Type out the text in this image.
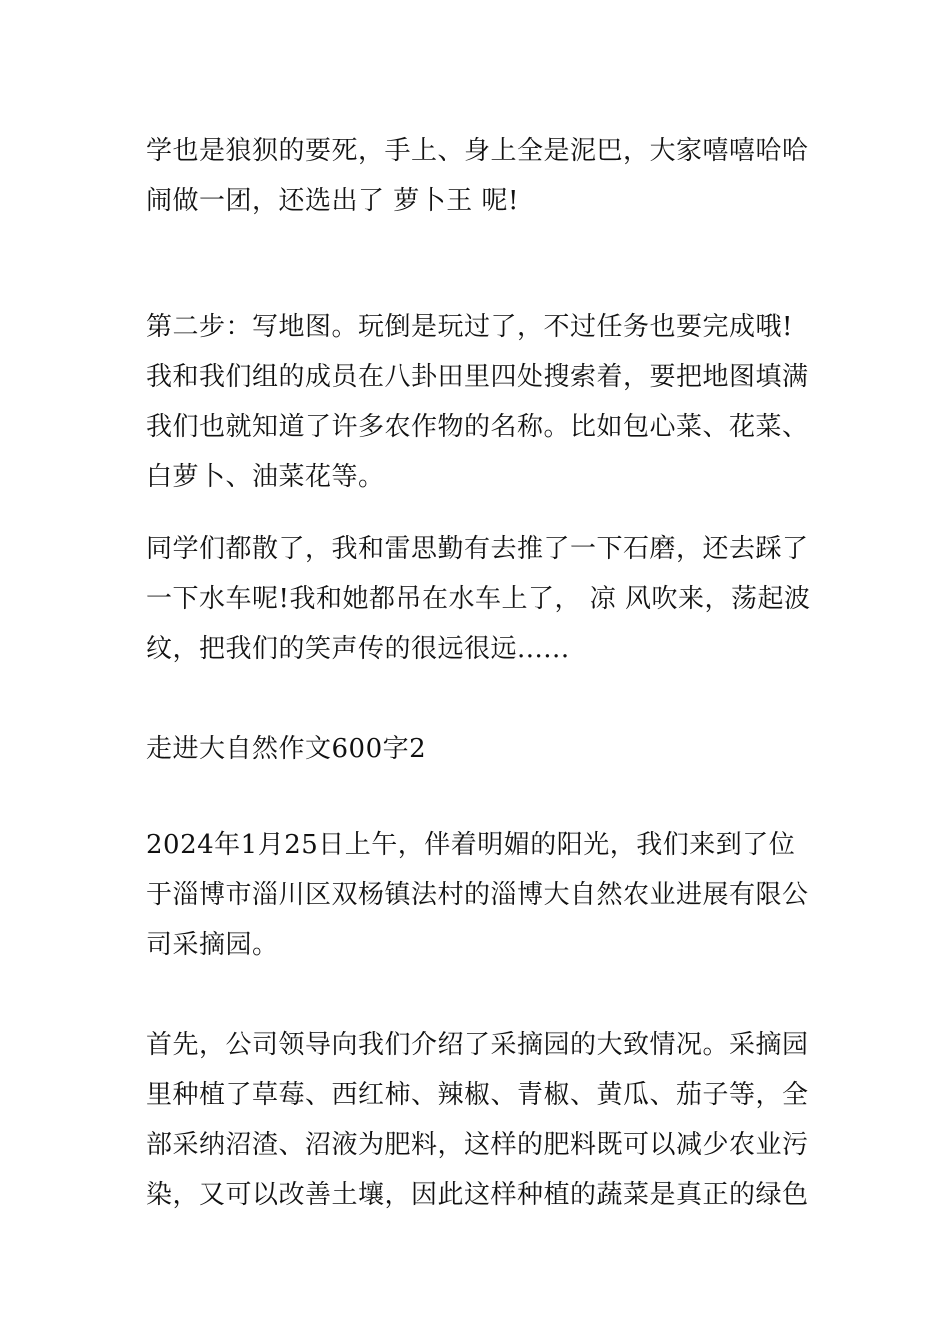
学也是狼狈的要死，手上、身上全是泥巴，大家嘻嘻哈哈
闹做一团，还选出了 萝卜王 呢!
第二步：写地图。玩倒是玩过了，不过任务也要完成哦!
我和我们组的成员在八卦田里四处搜索着，要把地图填满
我们也就知道了许多农作物的名称。比如包心菜、花菜、
白萝卜、油菜花等。
同学们都散了，我和雷思勤有去推了一下石磨，还去踩了
一下水车呢!我和她都吊在水车上了， 凉 风吹来，荡起波
纹，把我们的笑声传的很远很远......
走进大自然作文600字2
2024年1月25日上午，伴着明媚的阳光，我们来到了位
于淄博市淄川区双杨镇法村的淄博大自然农业进展有限公
司采摘园。
首先，公司领导向我们介绍了采摘园的大致情况。采摘园
里种植了草莓、西红柿、辣椒、青椒、黄瓜、茄子等，全
部采纳沼渣、沼液为肥料，这样的肥料既可以减少农业污
染，又可以改善土壤，因此这样种植的蔬菜是真正的绿色
